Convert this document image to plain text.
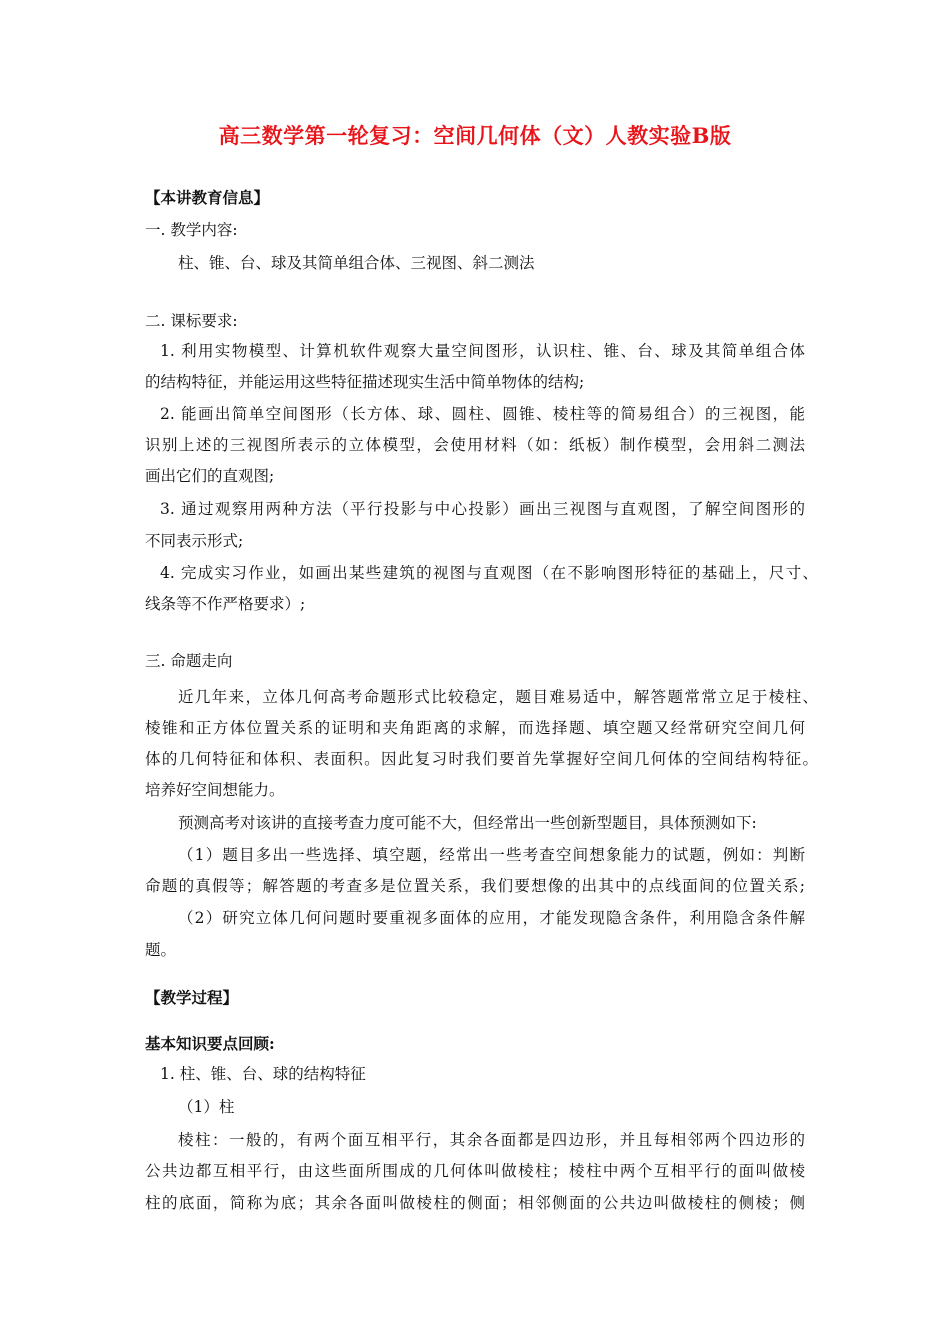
高三数学第一轮复习：空间几何体（文）人教实验B版
【本讲教育信息】
一. 教学内容:
柱、锥、台、球及其简单组合体、三视图、斜二测法
二. 课标要求:
1. 利用实物模型、计算机软件观察大量空间图形，认识柱、锥、台、球及其简单组合体
的结构特征，并能运用这些特征描述现实生活中简单物体的结构;
2. 能画出简单空间图形（长方体、球、圆柱、圆锥、棱柱等的简易组合）的三视图，能
识别上述的三视图所表示的立体模型，会使用材料（如：纸板）制作模型，会用斜二测法
画出它们的直观图;
3. 通过观察用两种方法（平行投影与中心投影）画出三视图与直观图，了解空间图形的
不同表示形式;
4. 完成实习作业，如画出某些建筑的视图与直观图（在不影响图形特征的基础上，尺寸、
线条等不作严格要求）;
三. 命题走向
近几年来，立体几何高考命题形式比较稳定，题目难易适中，解答题常常立足于棱柱、
棱锥和正方体位置关系的证明和夹角距离的求解，而选择题、填空题又经常研究空间几何
体的几何特征和体积、表面积。因此复习时我们要首先掌握好空间几何体的空间结构特征。
培养好空间想能力。
预测高考对该讲的直接考查力度可能不大，但经常出一些创新型题目，具体预测如下:
（1）题目多出一些选择、填空题，经常出一些考查空间想象能力的试题，例如：判断
命题的真假等；解答题的考查多是位置关系，我们要想像的出其中的点线面间的位置关系;
（2）研究立体几何问题时要重视多面体的应用，才能发现隐含条件，利用隐含条件解
题。
【教学过程】
基本知识要点回顾:
1. 柱、锥、台、球的结构特征
（1）柱
棱柱：一般的，有两个面互相平行，其余各面都是四边形，并且每相邻两个四边形的
公共边都互相平行，由这些面所围成的几何体叫做棱柱；棱柱中两个互相平行的面叫做棱
柱的底面，简称为底；其余各面叫做棱柱的侧面；相邻侧面的公共边叫做棱柱的侧棱；侧
